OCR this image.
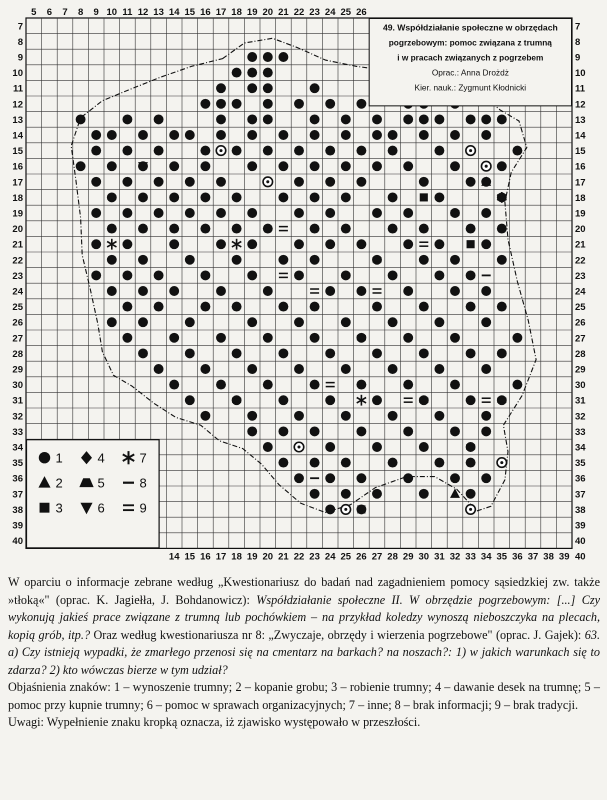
5 6 7 8 9 10 11 12 13 14 15 16 17 18 19 20 21 22 23 24 25 26
14 15 16 17 18 19 20 21 22 23 24 25 26 27 28 29 30 31 32 33 34 35 36 37 38 39 40
7	7
8	8
9	9
10	10
11	11
12	12
13	13
14	14
15	15
16	16
17	17
18	18
19	19
20	20
21	21
22	22
23	23
24	24
25	25
26	26
27	27
28	28
29	29
30	30
31	31
32	32
33	33
34	34
35	35
36	36
37	37
38	38
39	39
40	40
49. Współdziałanie społeczne w obrzędach
pogrzebowym: pomoc związana z trumną
i w pracach związanych z pogrzebem
Oprac.: Anna Drożdż
Kier. nauk.: Zygmunt Kłodnicki
1
2
3
4
5
6
7
8
9

W oparciu o informacje zebrane według „Kwestionariusz do badań nad zagadnieniem pomocy sąsiedzkiej zw. także »tłoką«" (oprac. K. Jagiełła, J. Bohdanowicz): Współdziałanie społeczne II. W obrzędzie pogrzebowym: [...] Czy wykonują jakieś prace związane z trumną lub pochówkiem – na przykład koledzy wynoszą nieboszczyka na plecach, kopią grób, itp.? Oraz według kwestionariusza nr 8: „Zwyczaje, obrzędy i wierzenia pogrzebowe" (oprac. J. Gajek): 63. a) Czy istnieją wypadki, że zmarłego przenosi się na cmentarz na barkach? na noszach?: 1) w jakich warunkach się to zdarza? 2) kto wówczas bierze w tym udział?

Objaśnienia znaków: 1 – wynoszenie trumny; 2 – kopanie grobu; 3 – robienie trumny; 4 – dawanie desek na trumnę; 5 – pomoc przy kupnie trumny; 6 – pomoc w sprawach organizacyjnych; 7 – inne; 8 – brak informacji; 9 – brak tradycji.

Uwagi: Wypełnienie znaku kropką oznacza, iż zjawisko występowało w przeszłości.
